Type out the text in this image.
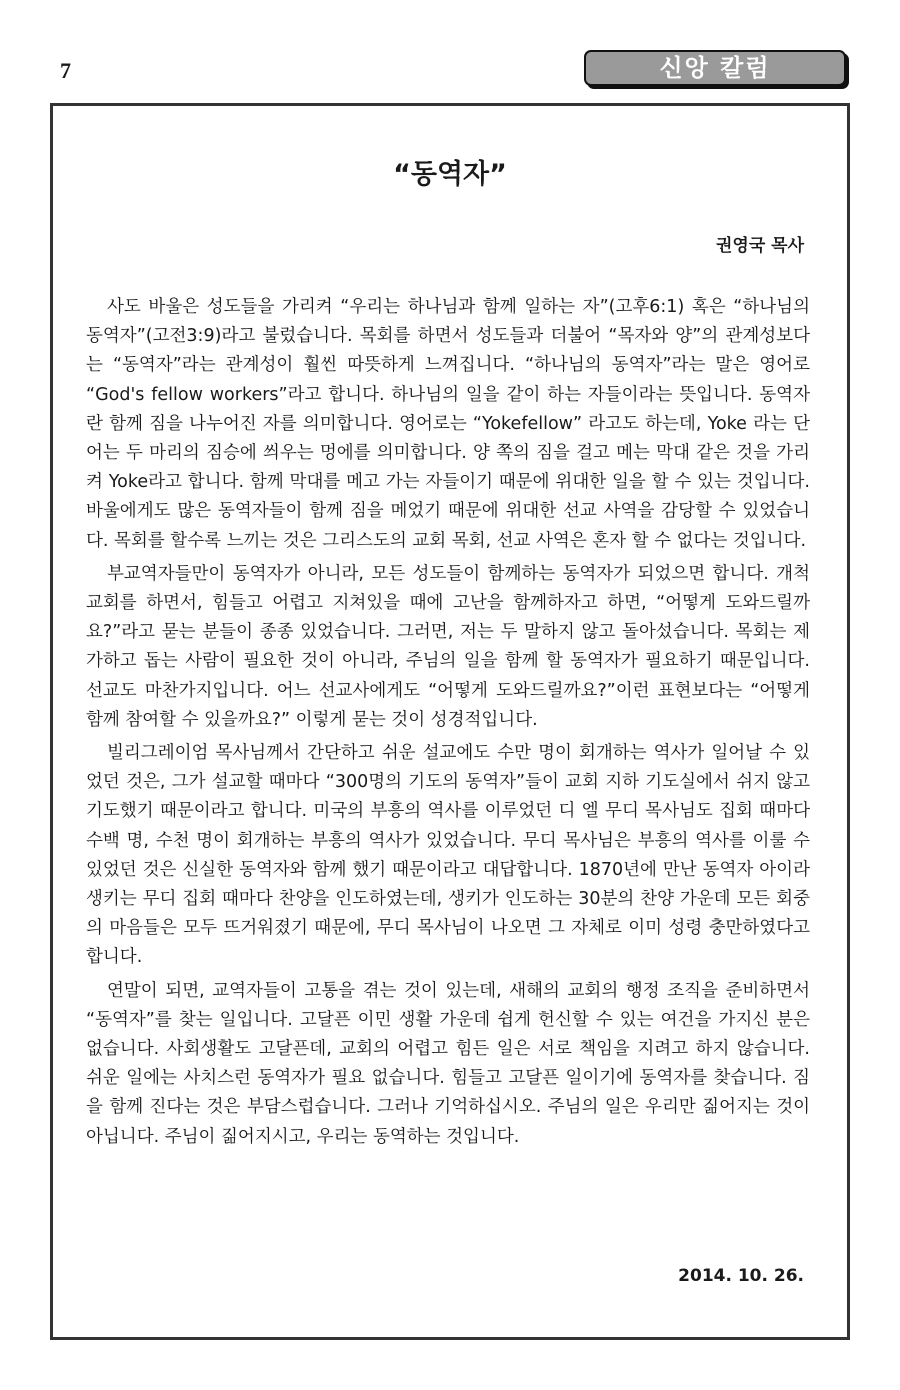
7	신앙 칼럼
“동역자”
권영국 목사

사도 바울은 성도들을 가리켜 “우리는 하나님과 함께 일하는 자”(고후6:1) 혹은 “하나님의 동역자”(고전3:9)라고 불렀습니다. 목회를 하면서 성도들과 더불어 “목자와 양”의 관계성보다는 “동역자”라는 관계성이 훨씬 따뜻하게 느껴집니다. “하나님의 동역자”라는 말은 영어로 “God's fellow workers”라고 합니다. 하나님의 일을 같이 하는 자들이라는 뜻입니다. 동역자란 함께 짐을 나누어진 자를 의미합니다. 영어로는 “Yokefellow” 라고도 하는데, Yoke 라는 단어는 두 마리의 짐승에 씌우는 멍에를 의미합니다. 양 쪽의 짐을 걸고 메는 막대 같은 것을 가리켜 Yoke라고 합니다. 함께 막대를 메고 가는 자들이기 때문에 위대한 일을 할 수 있는 것입니다. 바울에게도 많은 동역자들이 함께 짐을 메었기 때문에 위대한 선교 사역을 감당할 수 있었습니다. 목회를 할수록 느끼는 것은 그리스도의 교회 목회, 선교 사역은 혼자 할 수 없다는 것입니다.

부교역자들만이 동역자가 아니라, 모든 성도들이 함께하는 동역자가 되었으면 합니다. 개척교회를 하면서, 힘들고 어렵고 지쳐있을 때에 고난을 함께하자고 하면, “어떻게 도와드릴까요?”라고 묻는 분들이 종종 있었습니다. 그러면, 저는 두 말하지 않고 돌아섰습니다. 목회는 제가하고 돕는 사람이 필요한 것이 아니라, 주님의 일을 함께 할 동역자가 필요하기 때문입니다. 선교도 마찬가지입니다. 어느 선교사에게도 “어떻게 도와드릴까요?”이런 표현보다는 “어떻게 함께 참여할 수 있을까요?” 이렇게 묻는 것이 성경적입니다.

빌리그레이엄 목사님께서 간단하고 쉬운 설교에도 수만 명이 회개하는 역사가 일어날 수 있었던 것은, 그가 설교할 때마다 “300명의 기도의 동역자”들이 교회 지하 기도실에서 쉬지 않고 기도했기 때문이라고 합니다. 미국의 부흥의 역사를 이루었던 디 엘 무디 목사님도 집회 때마다 수백 명, 수천 명이 회개하는 부흥의 역사가 있었습니다. 무디 목사님은 부흥의 역사를 이룰 수 있었던 것은 신실한 동역자와 함께 했기 때문이라고 대답합니다. 1870년에 만난 동역자 아이라 생키는 무디 집회 때마다 찬양을 인도하였는데, 생키가 인도하는 30분의 찬양 가운데 모든 회중의 마음들은 모두 뜨거워졌기 때문에, 무디 목사님이 나오면 그 자체로 이미 성령 충만하였다고 합니다.

연말이 되면, 교역자들이 고통을 겪는 것이 있는데, 새해의 교회의 행정 조직을 준비하면서 “동역자”를 찾는 일입니다. 고달픈 이민 생활 가운데 쉽게 헌신할 수 있는 여건을 가지신 분은 없습니다. 사회생활도 고달픈데, 교회의 어렵고 힘든 일은 서로 책임을 지려고 하지 않습니다. 쉬운 일에는 사치스런 동역자가 필요 없습니다. 힘들고 고달픈 일이기에 동역자를 찾습니다. 짐을 함께 진다는 것은 부담스럽습니다. 그러나 기억하십시오. 주님의 일은 우리만 짊어지는 것이 아닙니다. 주님이 짊어지시고, 우리는 동역하는 것입니다.

2014. 10. 26.
